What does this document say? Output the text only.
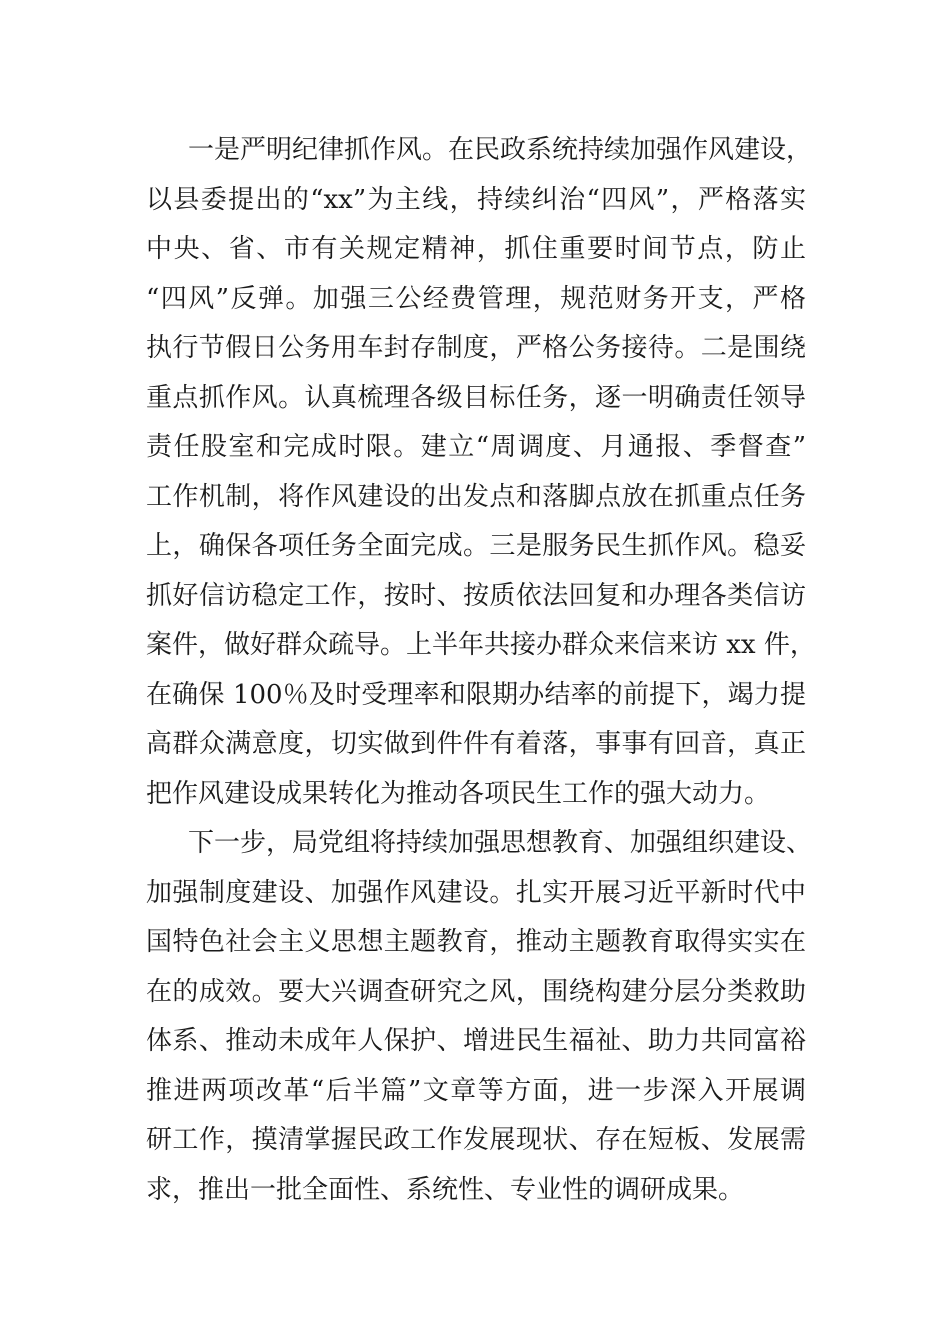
一是严明纪律抓作风。在民政系统持续加强作风建设，
以县委提出的“xx”为主线，持续纠治“四风”，严格落实
中央、省、市有关规定精神，抓住重要时间节点，防止
“四风”反弹。加强三公经费管理，规范财务开支，严格
执行节假日公务用车封存制度，严格公务接待。二是围绕
重点抓作风。认真梳理各级目标任务，逐一明确责任领导
责任股室和完成时限。建立“周调度、月通报、季督查”
工作机制，将作风建设的出发点和落脚点放在抓重点任务
上，确保各项任务全面完成。三是服务民生抓作风。稳妥
抓好信访稳定工作，按时、按质依法回复和办理各类信访
案件，做好群众疏导。上半年共接办群众来信来访 xx 件，
在确保 100％及时受理率和限期办结率的前提下，竭力提
高群众满意度，切实做到件件有着落，事事有回音，真正
把作风建设成果转化为推动各项民生工作的强大动力。
下一步，局党组将持续加强思想教育、加强组织建设、
加强制度建设、加强作风建设。扎实开展习近平新时代中
国特色社会主义思想主题教育，推动主题教育取得实实在
在的成效。要大兴调查研究之风，围绕构建分层分类救助
体系、推动未成年人保护、增进民生福祉、助力共同富裕
推进两项改革“后半篇”文章等方面，进一步深入开展调
研工作，摸清掌握民政工作发展现状、存在短板、发展需
求，推出一批全面性、系统性、专业性的调研成果。
